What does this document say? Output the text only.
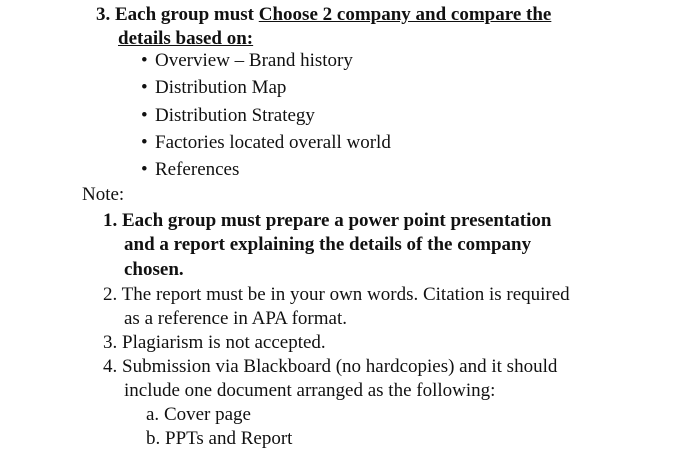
3. Each group must Choose 2 company and compare the
details based on:
• Overview – Brand history
• Distribution Map
• Distribution Strategy
• Factories located overall world
• References
Note:
1. Each group must prepare a power point presentation
and a report explaining the details of the company
chosen.
2. The report must be in your own words. Citation is required
as a reference in APA format.
3. Plagiarism is not accepted.
4. Submission via Blackboard (no hardcopies) and it should
include one document arranged as the following:
a. Cover page
b. PPTs and Report
